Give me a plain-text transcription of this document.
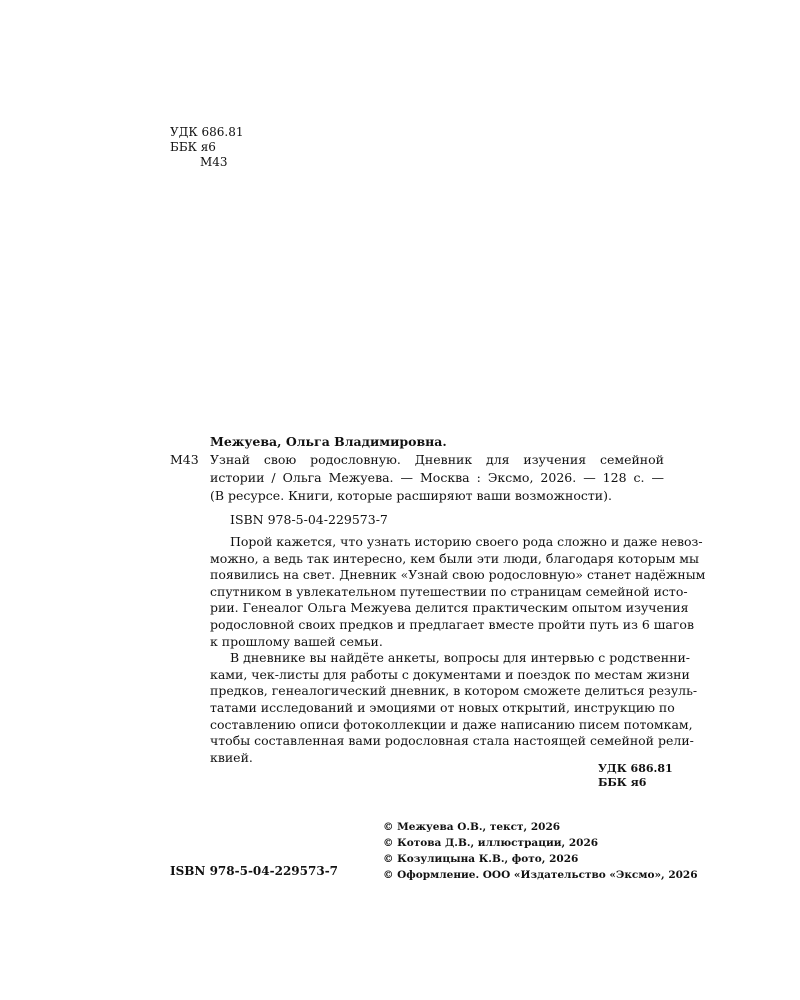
УДК 686.81
ББК я6
М43
Межуева, Ольга Владимировна.
М43 Узнай свою родословную. Дневник для изучения семейной
истории / Ольга Межуева. — Москва : Эксмо, 2026. — 128 с. —
(В ресурсе. Книги, которые расширяют ваши возможности).
ISBN 978-5-04-229573-7
Порой кажется, что узнать историю своего рода сложно и даже невоз-
можно, а ведь так интересно, кем были эти люди, благодаря которым мы
появились на свет. Дневник «Узнай свою родословную» станет надёжным
спутником в увлекательном путешествии по страницам семейной исто-
рии. Генеалог Ольга Межуева делится практическим опытом изучения
родословной своих предков и предлагает вместе пройти путь из 6 шагов
к прошлому вашей семьи.
В дневнике вы найдёте анкеты, вопросы для интервью с родственни-
ками, чек-листы для работы с документами и поездок по местам жизни
предков, генеалогический дневник, в котором сможете делиться резуль-
татами исследований и эмоциями от новых открытий, инструкцию по
составлению описи фотоколлекции и даже написанию писем потомкам,
чтобы составленная вами родословная стала настоящей семейной рели-
квией.
УДК 686.81
ББК я6
© Межуева О.В., текст, 2026
© Котова Д.В., иллюстрации, 2026
© Козулицына К.В., фото, 2026
© Оформление. ООО «Издательство «Эксмо», 2026
ISBN 978-5-04-229573-7
